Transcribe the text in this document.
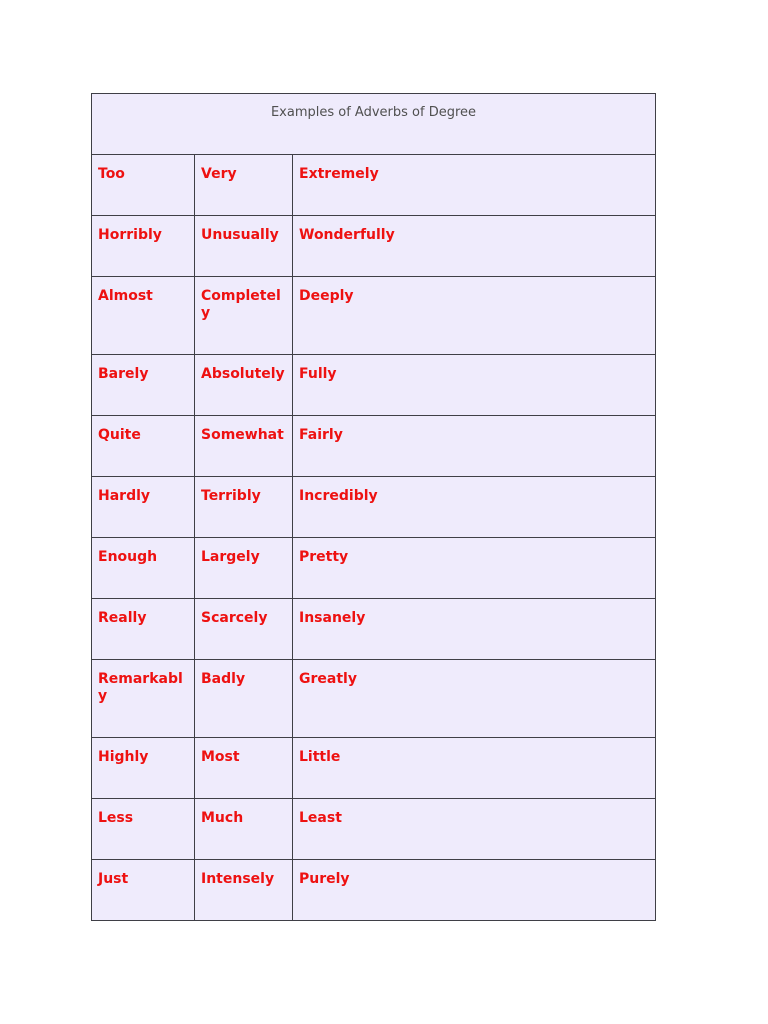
Examples of Adverbs of Degree		
Too	Very	Extremely
Horribly	Unusually	Wonderfully
Almost	Completely	Deeply
Barely	Absolutely	Fully
Quite	Somewhat	Fairly
Hardly	Terribly	Incredibly
Enough	Largely	Pretty
Really	Scarcely	Insanely
Remarkably	Badly	Greatly
Highly	Most	Little
Less	Much	Least
Just	Intensely	Purely
